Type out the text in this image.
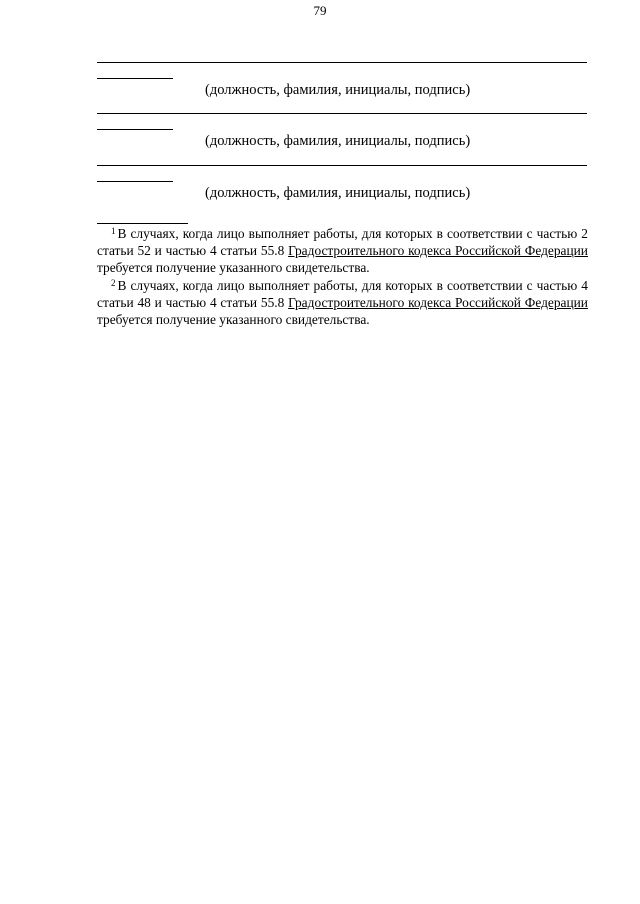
79
(должность, фамилия, инициалы, подпись)
(должность, фамилия, инициалы, подпись)
(должность, фамилия, инициалы, подпись)

$^1$ В случаях, когда лицо выполняет работы, для которых в соответствии с частью 2 статьи 52 и частью 4 статьи 55.8 Градостроительного кодекса Российской Федерации требуется получение указанного свидетельства.

$^2$ В случаях, когда лицо выполняет работы, для которых в соответствии с частью 4 статьи 48 и частью 4 статьи 55.8 Градостроительного кодекса Российской Федерации требуется получение указанного свидетельства.
